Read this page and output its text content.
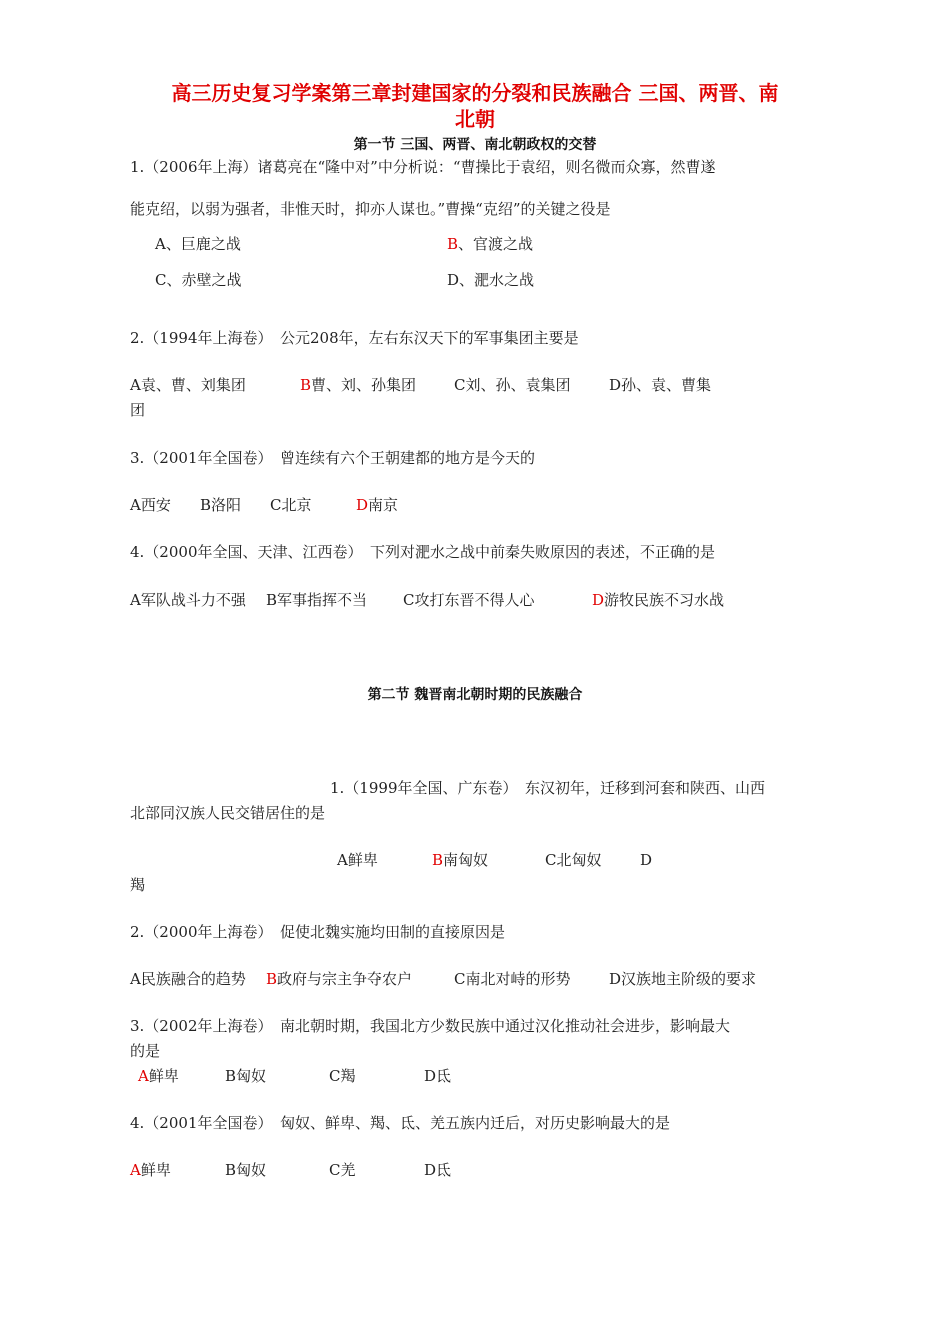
高三历史复习学案第三章封建国家的分裂和民族融合 三国、两晋、南
北朝
第一节 三国、两晋、南北朝政权的交替
1.（2006年上海）诸葛亮在“隆中对”中分析说：“曹操比于袁绍，则名微而众寡，然曹遂
能克绍，以弱为强者，非惟天时，抑亦人谋也。”曹操“克绍”的关键之役是
A、巨鹿之战	B、官渡之战
C、赤壁之战	D、淝水之战
2.（1994年上海卷）　公元208年，左右东汉天下的军事集团主要是
A袁、曹、刘集团	B曹、刘、孙集团	C刘、孙、袁集团	D孙、袁、曹集
团
3.（2001年全国卷）　曾连续有六个王朝建都的地方是今天的
A西安 B洛阳 C北京	D南京
4.（2000年全国、天津、江西卷）　下列对淝水之战中前秦失败原因的表述，不正确的是
A军队战斗力不强 B军事指挥不当 C攻打东晋不得人心	D游牧民族不习水战
第二节 魏晋南北朝时期的民族融合
1.（1999年全国、广东卷）　东汉初年，迁移到河套和陕西、山西
北部同汉族人民交错居住的是
A鲜卑	B南匈奴	C北匈奴	D
羯
2.（2000年上海卷）　促使北魏实施均田制的直接原因是
A民族融合的趋势 B政府与宗主争夺农户	C南北对峙的形势	D汉族地主阶级的要求
3.（2002年上海卷）　南北朝时期，我国北方少数民族中通过汉化推动社会进步，影响最大
的是
A鲜卑	B匈奴	C羯	D氐
4.（2001年全国卷）　匈奴、鲜卑、羯、氐、羌五族内迁后，对历史影响最大的是
A鲜卑	B匈奴	C羌	D氐
